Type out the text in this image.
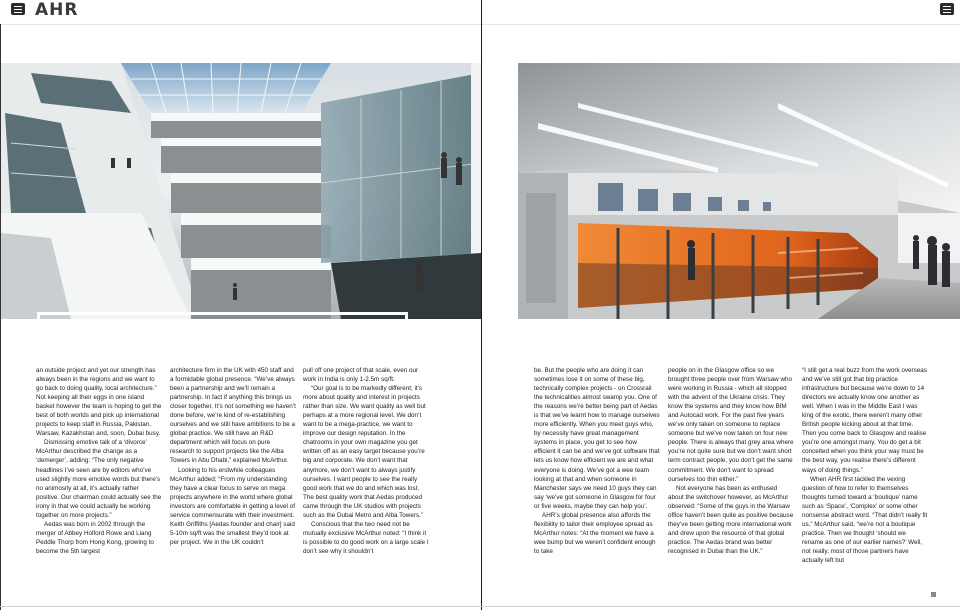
AHR

an outside project and yet our strength has always been in the regions and we want to go back to doing quality, local architecture.” Not keeping all their eggs in one island basket however the team is hoping to get the best of both worlds and pick up international projects to keep staff in Russia, Pakistan, Warsaw, Kazakhstan and, soon, Dubai busy.

Dismissing emotive talk of a ‘divorce’ McArthur described the change as a ‘demerger’, adding: “The only negative headlines I’ve seen are by editors who’ve used slightly more emotive words but there’s no animosity at all, it’s actually rather positive. Our chairman could actually see the irony in that we could actually be working together on more projects.”

Aedas was born in 2002 through the merger of Abbey Holford Rowe and Liang Peddle Thorp from Hong Kong, growing to become the 5th largest

architecture firm in the UK with 450 staff and a formidable global presence. “We’ve always been a partnership and we’ll remain a partnership. In fact if anything this brings us closer together. It’s not something we haven’t done before, we’re kind of re-establishing ourselves and we still have ambitions to be a global practice. We still have an R&D department which will focus on pure research to support projects like the Alba Towers in Abu Dhabi,” explained McArthur.

Looking to his erstwhile colleagues McArthur added; “From my understanding they have a clear focus to serve on mega projects anywhere in the world where global investors are comfortable in getting a level of service commensurate with their investment. Keith Griffiths [Aedas founder and chair] said 5-10m sq/ft was the smallest they’d look at per project. We in the UK couldn’t

pull off one project of that scale, even our work in India is only 1-2.5m sq/ft.

“Our goal is to be markedly different; it’s more about quality and interest in projects rather than size. We want quality as well but perhaps at a more regional level. We don’t want to be a mega-practice, we want to improve our design reputation. In the chatrooms in your own magazine you get written off as an easy target because you’re big and corporate. We don’t want that anymore, we don’t want to always justify ourselves. I want people to see the really good work that we do and which was lost. The best quality work that Aedas produced came through the UK studios with projects such as the Dubai Metro and Alba Towers.”

Conscious that the two need not be mutually exclusive McArthur noted: “I think it is possible to do good work on a large scale I don’t see why it shouldn’t

be. But the people who are doing it can sometimes lose it on some of these big, technically complex projects - on Crossrail the technicalities almost swamp you. One of the reasons we’re better being part of Aedas is that we’ve learnt how to manage ourselves more efficiently. When you meet guys who, by necessity have great management systems in place, you get to see how efficient it can be and we’ve got software that lets us know how efficient we are and what everyone is doing. We’ve got a wee team looking at that and when someone in Manchester says we need 10 guys they can say ‘we’ve got someone in Glasgow for four or five weeks, maybe they can help you’.

AHR’s global presence also affords the flexibility to tailor their employee spread as McArthur notes: “At the moment we have a wee bump but we weren’t confident enough to take

people on in the Glasgow office so we brought three people over from Warsaw who were working in Russia - which all stopped with the advent of the Ukraine crisis. They know the systems and they know how BIM and Autocad work. For the past five years we’ve only taken on someone to replace someone but we’ve now taken on four new people. There is always that grey area where you’re not quite sure but we don’t want short term contract people, you don’t get the same commitment. We don’t want to spread ourselves too thin either.”

Not everyone has been as enthused about the switchover however, as McArthur observed: “Some of the guys in the Warsaw office haven’t been quite as positive because they’ve been getting more international work and drew upon the resource of that global practice. The Aedas brand was better recognised in Dubai than the UK.”

“I still get a real buzz from the work overseas and we’ve still got that big practice infrastructure but because we’re down to 14 directors we actually know one another as well. When I was in the Middle East I was king of the exotic, there weren’t many other British people kicking about at that time. Then you come back to Glasgow and realise you’re one amongst many. You do get a bit conceited when you think your way must be the best way, you realise there’s different ways of doing things.”

When AHR first tackled the vexing question of how to refer to themselves thoughts turned toward a ‘boutique’ name such as ‘Space’, ‘Complex’ or some other nonsense abstract word. “That didn’t really fit us,” McArthur said, “we’re not a boutique practice. Then we thought ‘should we rename as one of our earlier names?’ Well, not really, most of those partners have actually left but
